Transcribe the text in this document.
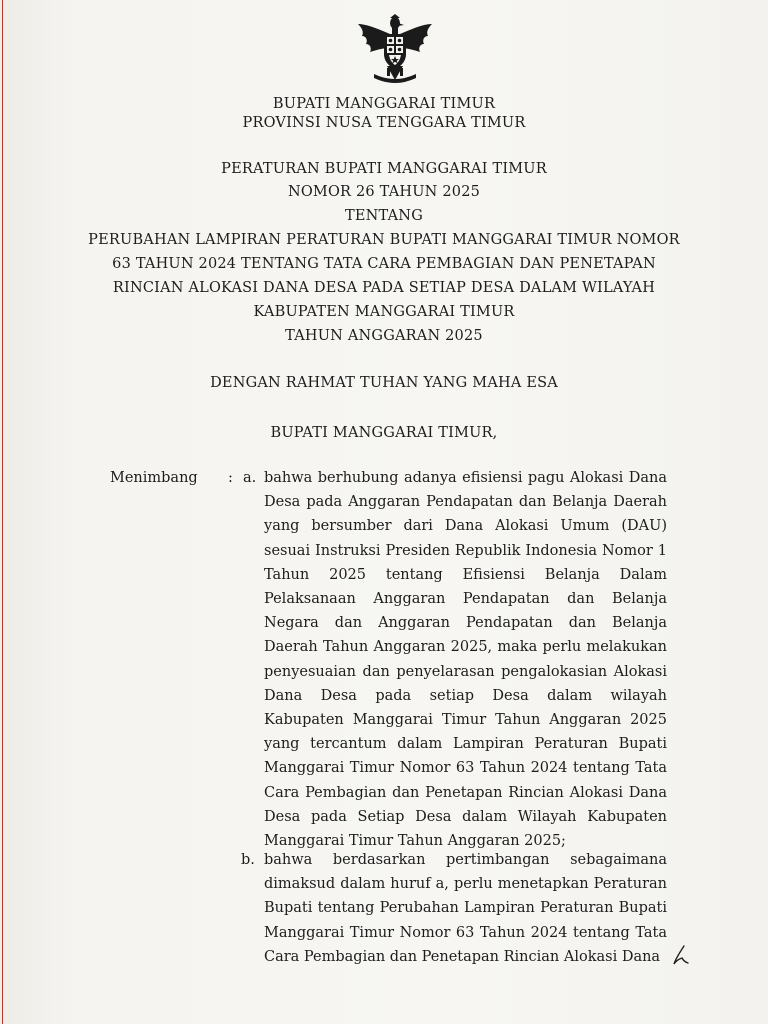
BUPATI MANGGARAI TIMUR
PROVINSI NUSA TENGGARA TIMUR
PERATURAN BUPATI MANGGARAI TIMUR
NOMOR 26 TAHUN 2025
TENTANG
PERUBAHAN LAMPIRAN PERATURAN BUPATI MANGGARAI TIMUR NOMOR
63 TAHUN 2024 TENTANG TATA CARA PEMBAGIAN DAN PENETAPAN
RINCIAN ALOKASI DANA DESA PADA SETIAP DESA DALAM WILAYAH
KABUPATEN MANGGARAI TIMUR
TAHUN ANGGARAN 2025
DENGAN RAHMAT TUHAN YANG MAHA ESA
BUPATI MANGGARAI TIMUR,
Menimbang : a. bahwa berhubung adanya efisiensi pagu Alokasi Dana Desa pada Anggaran Pendapatan dan Belanja Daerah yang bersumber dari Dana Alokasi Umum (DAU) sesuai Instruksi Presiden Republik Indonesia Nomor 1 Tahun 2025 tentang Efisiensi Belanja Dalam Pelaksanaan Anggaran Pendapatan dan Belanja Negara dan Anggaran Pendapatan dan Belanja Daerah Tahun Anggaran 2025, maka perlu melakukan penyesuaian dan penyelarasan pengalokasian Alokasi Dana Desa pada setiap Desa dalam wilayah Kabupaten Manggarai Timur Tahun Anggaran 2025 yang tercantum dalam Lampiran Peraturan Bupati Manggarai Timur Nomor 63 Tahun 2024 tentang Tata Cara Pembagian dan Penetapan Rincian Alokasi Dana Desa pada Setiap Desa dalam Wilayah Kabupaten Manggarai Timur Tahun Anggaran 2025;

b. bahwa berdasarkan pertimbangan sebagaimana dimaksud dalam huruf a, perlu menetapkan Peraturan Bupati tentang Perubahan Lampiran Peraturan Bupati Manggarai Timur Nomor 63 Tahun 2024 tentang Tata Cara Pembagian dan Penetapan Rincian Alokasi Dana
